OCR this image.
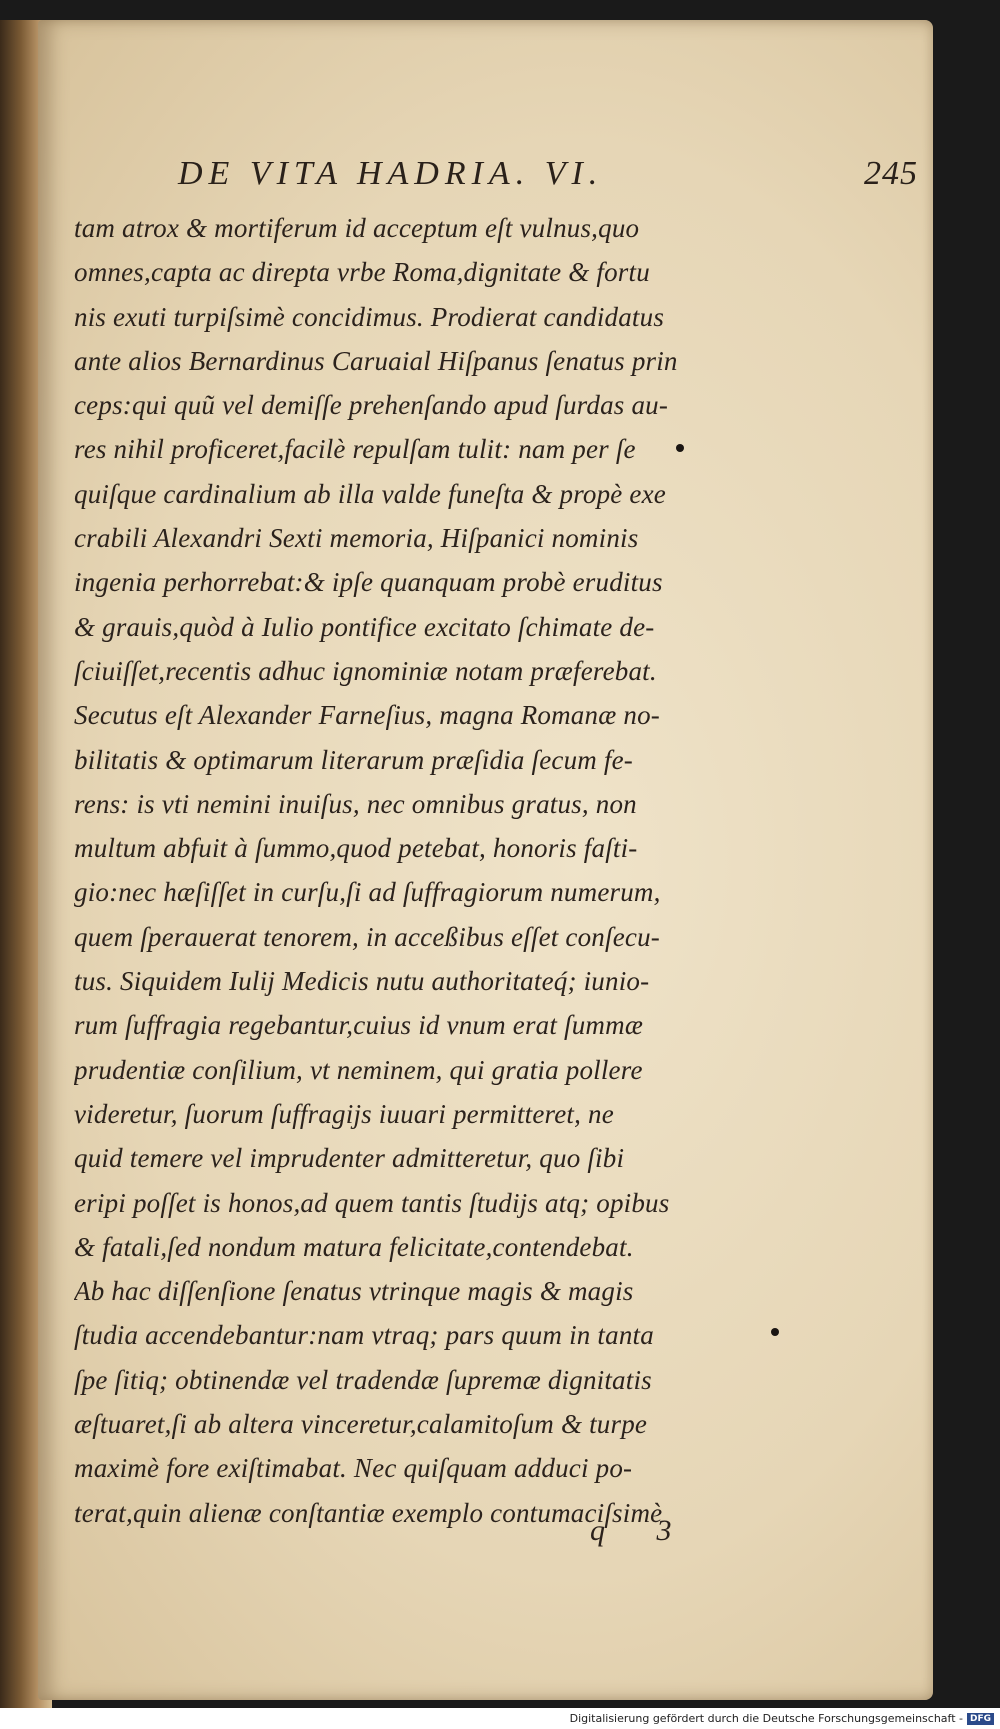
DE VITA HADRIA. VI.	245
tam atrox & mortiferum id acceptum eſt vulnus,quo
omnes,capta ac direpta vrbe Roma,dignitate & fortu
nis exuti turpiſsimè concidimus. Prodierat candidatus
ante alios Bernardinus Caruaial Hiſpanus ſenatus prin
ceps:qui quũ vel demiſſe prehenſando apud ſurdas au-
res nihil proficeret,facilè repulſam tulit: nam per ſe
quiſque cardinalium ab illa valde funeſta & propè exe
crabili Alexandri Sexti memoria, Hiſpanici nominis
ingenia perhorrebat:& ipſe quanquam probè eruditus
& grauis,quòd à Iulio pontifice excitato ſchimate de-
ſciuiſſet,recentis adhuc ignominiæ notam præferebat.
Secutus eſt Alexander Farneſius, magna Romanæ no-
bilitatis & optimarum literarum præſidia ſecum fe-
rens: is vti nemini inuiſus, nec omnibus gratus, non
multum abfuit à ſummo,quod petebat, honoris faſti-
gio:nec hæſiſſet in curſu,ſi ad ſuffragiorum numerum,
quem ſperauerat tenorem, in acceßibus eſſet conſecu-
tus. Siquidem Iulij Medicis nutu authoritateq́; iunio-
rum ſuffragia regebantur,cuius id vnum erat ſummæ
prudentiæ conſilium, vt neminem, qui gratia pollere
videretur, ſuorum ſuffragijs iuuari permitteret, ne
quid temere vel imprudenter admitteretur, quo ſibi
eripi poſſet is honos,ad quem tantis ſtudijs atq; opibus
& fatali,ſed nondum matura felicitate,contendebat.
Ab hac diſſenſione ſenatus vtrinque magis & magis
ſtudia accendebantur:nam vtraq; pars quum in tanta
ſpe ſitiq; obtinendæ vel tradendæ ſupremæ dignitatis
æſtuaret,ſi ab altera vinceretur,calamitoſum & turpe
maximè fore exiſtimabat. Nec quiſquam adduci po-
terat,quin alienæ conſtantiæ exemplo contumaciſsimè
q 3
Digitalisierung gefördert durch die Deutsche Forschungsgemeinschaft - DFG
